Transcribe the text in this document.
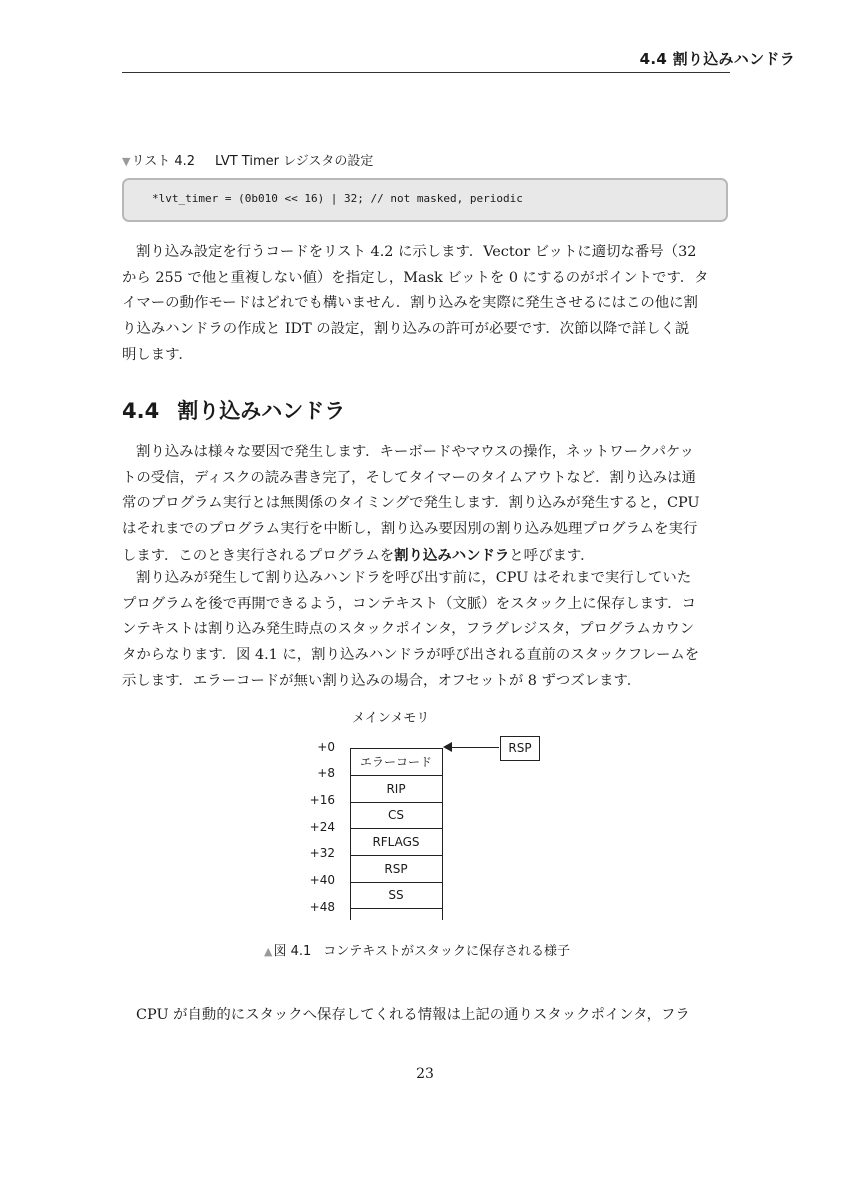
4.4 割り込みハンドラ
▼リスト 4.2 LVT Timer レジスタの設定
*lvt_timer = (0b010 << 16) | 32; // not masked, periodic
割り込み設定を行うコードをリスト 4.2 に示します．Vector ビットに適切な番号（32
から 255 で他と重複しない値）を指定し，Mask ビットを 0 にするのがポイントです．タ
イマーの動作モードはどれでも構いません．割り込みを実際に発生させるにはこの他に割
り込みハンドラの作成と IDT の設定，割り込みの許可が必要です．次節以降で詳しく説
明します．
4.4 割り込みハンドラ
割り込みは様々な要因で発生します．キーボードやマウスの操作，ネットワークパケッ
トの受信，ディスクの読み書き完了，そしてタイマーのタイムアウトなど．割り込みは通
常のプログラム実行とは無関係のタイミングで発生します．割り込みが発生すると，CPU
はそれまでのプログラム実行を中断し，割り込み要因別の割り込み処理プログラムを実行
します．このとき実行されるプログラムを割り込みハンドラと呼びます．
割り込みが発生して割り込みハンドラを呼び出す前に，CPU はそれまで実行していた
プログラムを後で再開できるよう，コンテキスト（文脈）をスタック上に保存します．コ
ンテキストは割り込み発生時点のスタックポインタ，フラグレジスタ，プログラムカウン
タからなります．図 4.1 に，割り込みハンドラが呼び出される直前のスタックフレームを
示します．エラーコードが無い割り込みの場合，オフセットが 8 ずつズレます．
メインメモリ
+0
+8
+16
+24
+32
+40
+48
エラーコード
RIP
CS
RFLAGS
RSP
SS
RSP
▲図 4.1 コンテキストがスタックに保存される様子
CPU が自動的にスタックへ保存してくれる情報は上記の通りスタックポインタ，フラ
23
